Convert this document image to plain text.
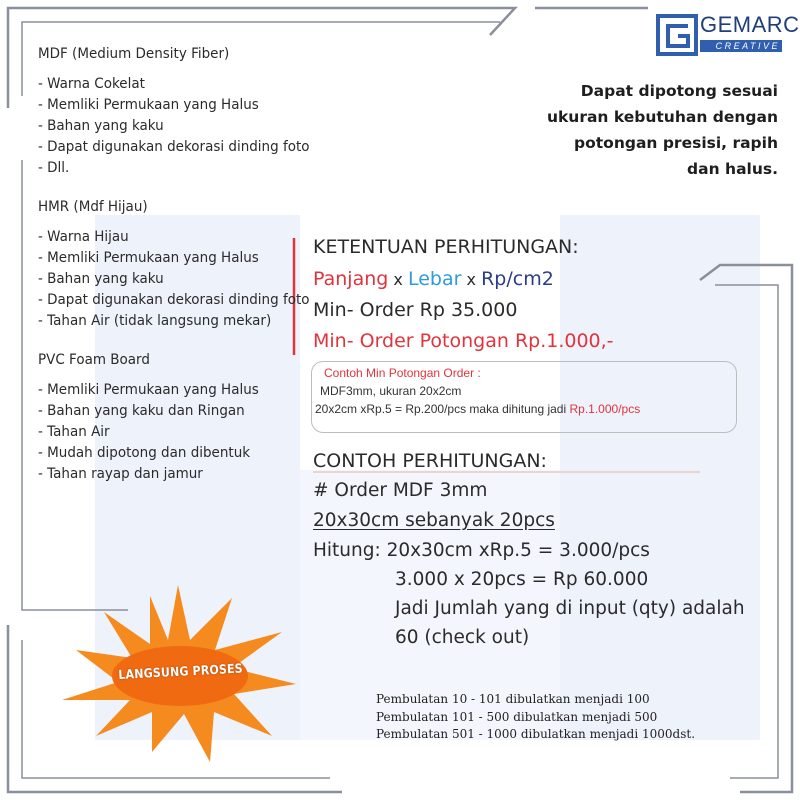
GEMARC
CREATIVE
Dapat dipotong sesuai
ukuran kebutuhan dengan
potongan presisi, rapih
dan halus.
MDF (Medium Density Fiber)
- Warna Cokelat
- Memliki Permukaan yang Halus
- Bahan yang kaku
- Dapat digunakan dekorasi dinding foto
- Dll.
HMR (Mdf Hijau)
- Warna Hijau
- Memliki Permukaan yang Halus
- Bahan yang kaku
- Dapat digunakan dekorasi dinding foto
- Tahan Air (tidak langsung mekar)
PVC Foam Board
- Memliki Permukaan yang Halus
- Bahan yang kaku dan Ringan
- Tahan Air
- Mudah dipotong dan dibentuk
- Tahan rayap dan jamur
KETENTUAN PERHITUNGAN:
Panjang x Lebar x Rp/cm2
Min- Order Rp 35.000
Min- Order Potongan Rp.1.000,-
Contoh Min Potongan Order :
MDF3mm, ukuran 20x2cm
20x2cm xRp.5 = Rp.200/pcs maka dihitung jadi Rp.1.000/pcs
CONTOH PERHITUNGAN:
# Order MDF 3mm
20x30cm sebanyak 20pcs
Hitung: 20x30cm xRp.5 = 3.000/pcs
3.000 x 20pcs = Rp 60.000
Jadi Jumlah yang di input (qty) adalah
60 (check out)
LANGSUNG PROSES
Pembulatan 10 - 101 dibulatkan menjadi 100
Pembulatan 101 - 500 dibulatkan menjadi 500
Pembulatan 501 - 1000 dibulatkan menjadi 1000dst.
